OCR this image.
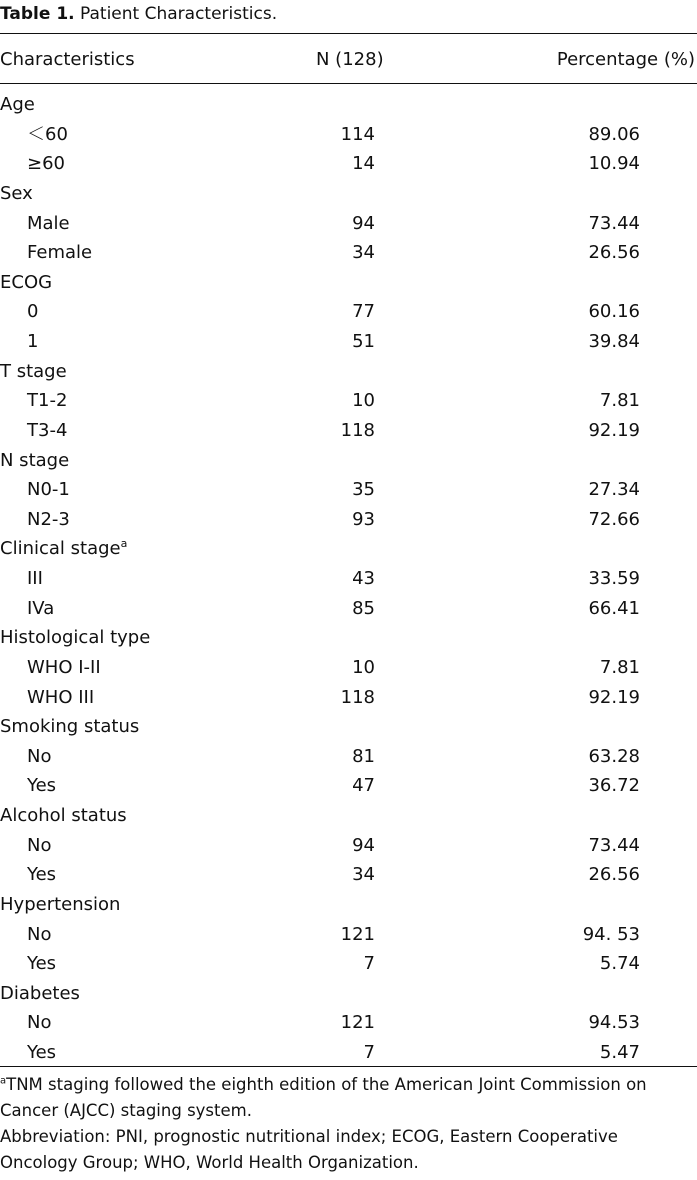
Table 1. Patient Characteristics.
Characteristics	N (128)	Percentage (%)
Age
＜60	114	89.06
≥60	14	10.94
Sex
Male	94	73.44
Female	34	26.56
ECOG
0	77	60.16
1	51	39.84
T stage
T1-2	10	7.81
T3-4	118	92.19
N stage
N0-1	35	27.34
N2-3	93	72.66
Clinical stage$^a$
III	43	33.59
IVa	85	66.41
Histological type
WHO I-II	10	7.81
WHO III	118	92.19
Smoking status
No	81	63.28
Yes	47	36.72
Alcohol status
No	94	73.44
Yes	34	26.56
Hypertension
No	121	94. 53
Yes	7	5.74
Diabetes
No	121	94.53
Yes	7	5.47

$^a$TNM staging followed the eighth edition of the American Joint Commission on Cancer (AJCC) staging system.

Abbreviation: PNI, prognostic nutritional index; ECOG, Eastern Cooperative Oncology Group; WHO, World Health Organization.
